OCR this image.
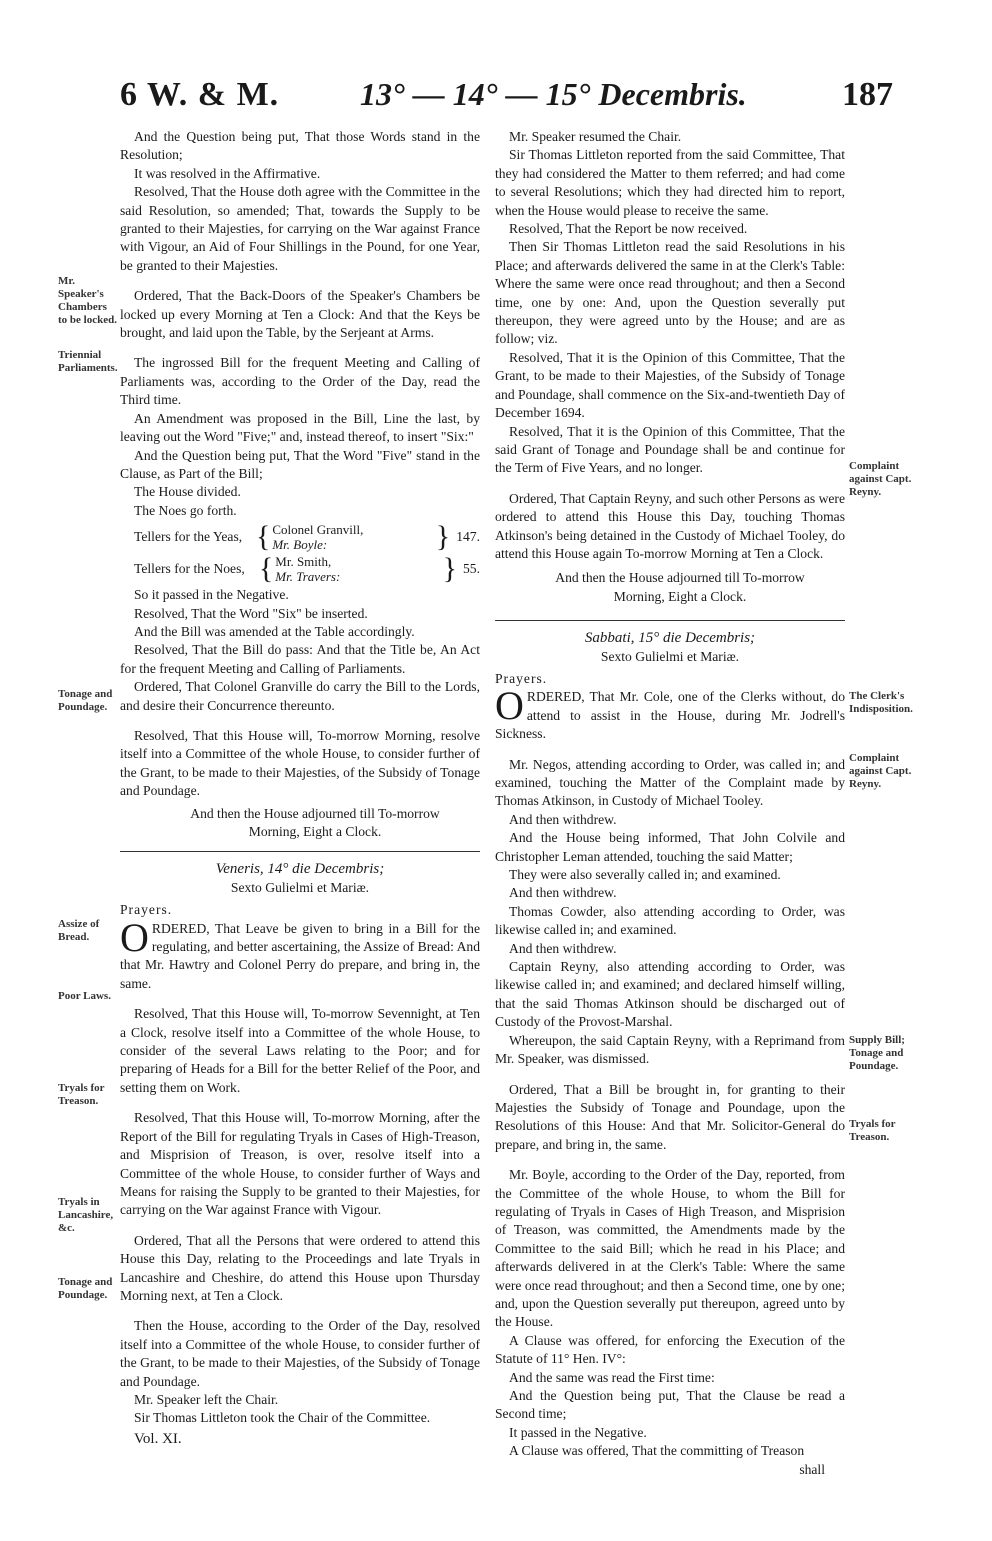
6 W. & M.	13° — 14° — 15° Decembris.	187
Mr. Speaker's Chambers to be locked.
Triennial Parliaments.
Tonage and Poundage.
Assize of Bread.
Poor Laws.
Tryals for Treason.
Tryals in Lancashire, &c.
Tonage and Poundage.
Complaint against Capt. Reyny.
The Clerk's Indisposition.
Complaint against Capt. Reyny.
Supply Bill; Tonage and Poundage.
Tryals for Treason.

And the Question being put, That those Words stand in the Resolution;

It was resolved in the Affirmative.

Resolved, That the House doth agree with the Committee in the said Resolution, so amended; That, towards the Supply to be granted to their Majesties, for carrying on the War against France with Vigour, an Aid of Four Shillings in the Pound, for one Year, be granted to their Majesties.

Ordered, That the Back-Doors of the Speaker's Chambers be locked up every Morning at Ten a Clock: And that the Keys be brought, and laid upon the Table, by the Serjeant at Arms.

The ingrossed Bill for the frequent Meeting and Calling of Parliaments was, according to the Order of the Day, read the Third time.

An Amendment was proposed in the Bill, Line the last, by leaving out the Word "Five;" and, instead thereof, to insert "Six:"

And the Question being put, That the Word "Five" stand in the Clause, as Part of the Bill;

The House divided.

The Noes go forth.

Tellers for the Yeas, { Colonel Granvill,
Mr. Boyle:	} 147.
Tellers for the Noes, { Mr. Smith,
Mr. Travers:	} 55.

So it passed in the Negative.

Resolved, That the Word "Six" be inserted.

And the Bill was amended at the Table accordingly.

Resolved, That the Bill do pass: And that the Title be, An Act for the frequent Meeting and Calling of Parliaments.

Ordered, That Colonel Granville do carry the Bill to the Lords, and desire their Concurrence thereunto.

Resolved, That this House will, To-morrow Morning, resolve itself into a Committee of the whole House, to consider further of the Grant, to be made to their Majesties, of the Subsidy of Tonage and Poundage.

And then the House adjourned till To-morrow Morning, Eight a Clock.

Veneris, 14° die Decembris;

Sexto Gulielmi et Mariæ.

Prayers.

ORDERED, That Leave be given to bring in a Bill for the regulating, and better ascertaining, the Assize of Bread: And that Mr. Hawtry and Colonel Perry do prepare, and bring in, the same.

Resolved, That this House will, To-morrow Sevennight, at Ten a Clock, resolve itself into a Committee of the whole House, to consider of the several Laws relating to the Poor; and for preparing of Heads for a Bill for the better Relief of the Poor, and setting them on Work.

Resolved, That this House will, To-morrow Morning, after the Report of the Bill for regulating Tryals in Cases of High-Treason, and Misprision of Treason, is over, resolve itself into a Committee of the whole House, to consider further of Ways and Means for raising the Supply to be granted to their Majesties, for carrying on the War against France with Vigour.

Ordered, That all the Persons that were ordered to attend this House this Day, relating to the Proceedings and late Tryals in Lancashire and Cheshire, do attend this House upon Thursday Morning next, at Ten a Clock.

Then the House, according to the Order of the Day, resolved itself into a Committee of the whole House, to consider further of the Grant, to be made to their Majesties, of the Subsidy of Tonage and Poundage.

Mr. Speaker left the Chair.

Sir Thomas Littleton took the Chair of the Committee.

Vol. XI.

Mr. Speaker resumed the Chair.

Sir Thomas Littleton reported from the said Committee, That they had considered the Matter to them referred; and had come to several Resolutions; which they had directed him to report, when the House would please to receive the same.

Resolved, That the Report be now received.

Then Sir Thomas Littleton read the said Resolutions in his Place; and afterwards delivered the same in at the Clerk's Table: Where the same were once read throughout; and then a Second time, one by one: And, upon the Question severally put thereupon, they were agreed unto by the House; and are as follow; viz.

Resolved, That it is the Opinion of this Committee, That the Grant, to be made to their Majesties, of the Subsidy of Tonage and Poundage, shall commence on the Six-and-twentieth Day of December 1694.

Resolved, That it is the Opinion of this Committee, That the said Grant of Tonage and Poundage shall be and continue for the Term of Five Years, and no longer.

Ordered, That Captain Reyny, and such other Persons as were ordered to attend this House this Day, touching Thomas Atkinson's being detained in the Custody of Michael Tooley, do attend this House again To-morrow Morning at Ten a Clock.

And then the House adjourned till To-morrow Morning, Eight a Clock.

Sabbati, 15° die Decembris;

Sexto Gulielmi et Mariæ.

Prayers.

ORDERED, That Mr. Cole, one of the Clerks without, do attend to assist in the House, during Mr. Jodrell's Sickness.

Mr. Negos, attending according to Order, was called in; and examined, touching the Matter of the Complaint made by Thomas Atkinson, in Custody of Michael Tooley.

And then withdrew.

And the House being informed, That John Colvile and Christopher Leman attended, touching the said Matter;

They were also severally called in; and examined.

And then withdrew.

Thomas Cowder, also attending according to Order, was likewise called in; and examined.

And then withdrew.

Captain Reyny, also attending according to Order, was likewise called in; and examined; and declared himself willing, that the said Thomas Atkinson should be discharged out of Custody of the Provost-Marshal.

Whereupon, the said Captain Reyny, with a Reprimand from Mr. Speaker, was dismissed.

Ordered, That a Bill be brought in, for granting to their Majesties the Subsidy of Tonage and Poundage, upon the Resolutions of this House: And that Mr. Solicitor-General do prepare, and bring in, the same.

Mr. Boyle, according to the Order of the Day, reported, from the Committee of the whole House, to whom the Bill for regulating of Tryals in Cases of High Treason, and Misprision of Treason, was committed, the Amendments made by the Committee to the said Bill; which he read in his Place; and afterwards delivered in at the Clerk's Table: Where the same were once read throughout; and then a Second time, one by one; and, upon the Question severally put thereupon, agreed unto by the House.

A Clause was offered, for enforcing the Execution of the Statute of 11° Hen. IV°:

And the same was read the First time:

And the Question being put, That the Clause be read a Second time;

It passed in the Negative.

A Clause was offered, That the committing of Treason

shall
